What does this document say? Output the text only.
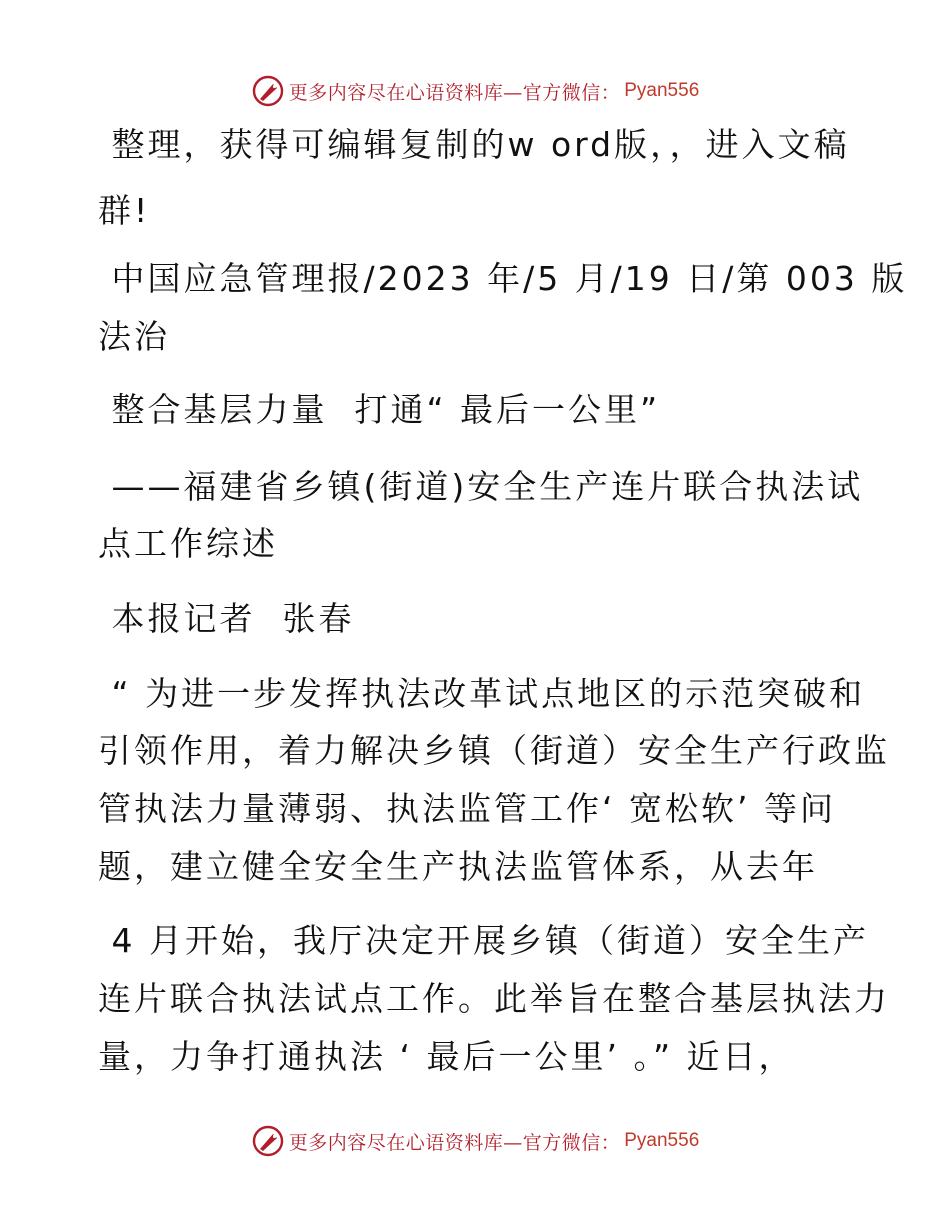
更多内容尽在心语资料库—官方微信： Pyan556
整理，获得可编辑复制的w ord版，，进入文稿
群!
中国应急管理报/2023 年/5 月/19 日/第 003 版
法治
整合基层力量  打通“ 最后一公里”
——福建省乡镇(街道)安全生产连片联合执法试
点工作综述
本报记者  张春
“ 为进一步发挥执法改革试点地区的示范突破和
引领作用，着力解决乡镇（街道）安全生产行政监
管执法力量薄弱、执法监管工作‘ 宽松软’ 等问
题，建立健全安全生产执法监管体系，从去年
4 月开始，我厅决定开展乡镇（街道）安全生产
连片联合执法试点工作。此举旨在整合基层执法力
量，力争打通执法 ‘ 最后一公里’ 。” 近日，
更多内容尽在心语资料库—官方微信： Pyan556
